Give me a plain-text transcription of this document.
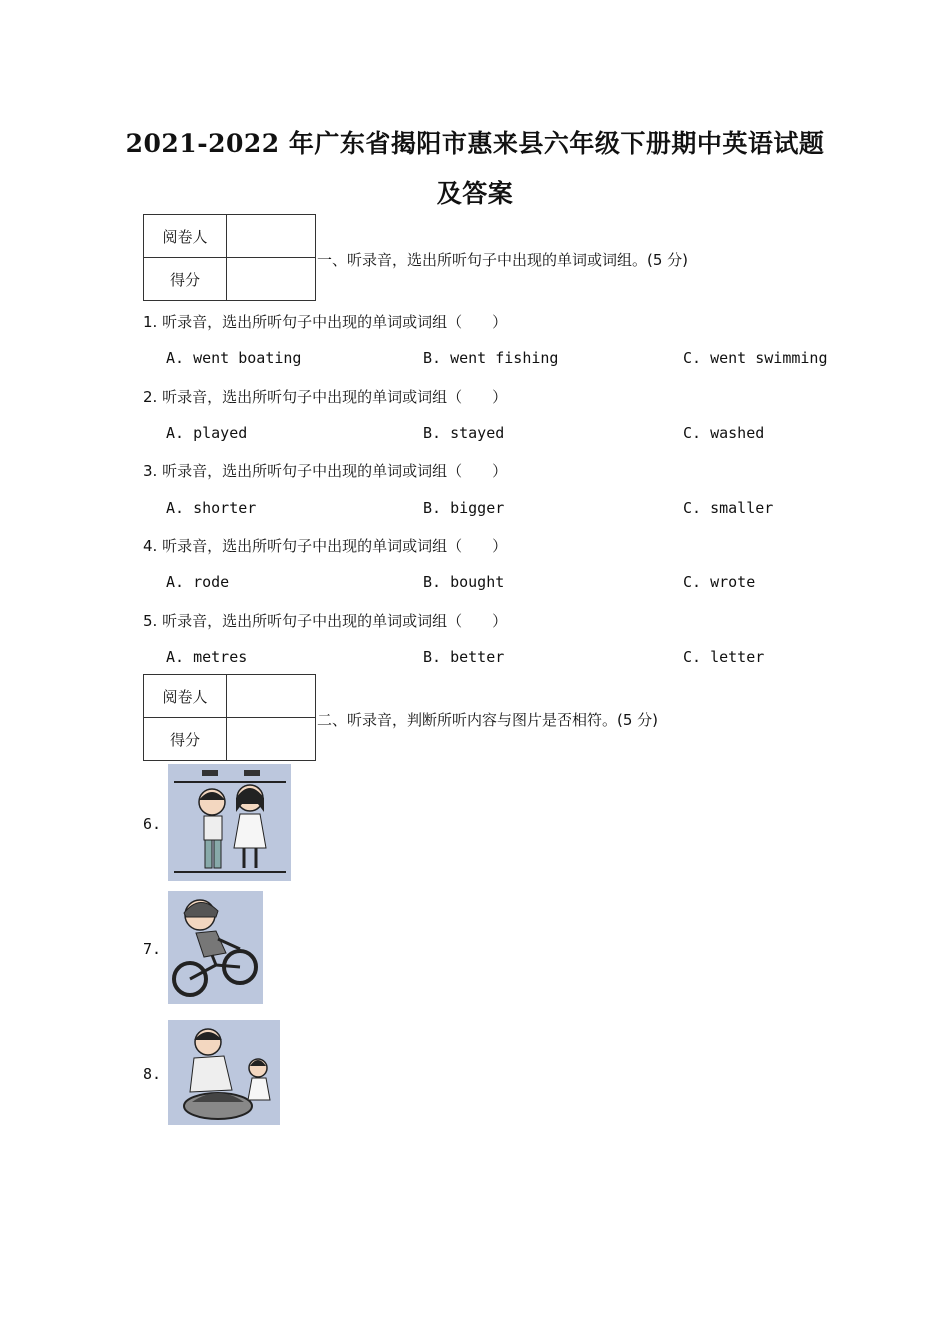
2021-2022 年广东省揭阳市惠来县六年级下册期中英语试题
及答案
阅卷人	
得分	
一、听录音，选出所听句子中出现的单词或词组。(5 分)
1. 听录音，选出所听句子中出现的单词或词组（　　）
A. went boating	B. went fishing	C. went swimming
2. 听录音，选出所听句子中出现的单词或词组（　　）
A. played	B. stayed	C. washed
3. 听录音，选出所听句子中出现的单词或词组（　　）
A. shorter	B. bigger	C. smaller
4. 听录音，选出所听句子中出现的单词或词组（　　）
A. rode	B. bought	C. wrote
5. 听录音，选出所听句子中出现的单词或词组（　　）
A. metres	B. better	C. letter
阅卷人	
得分	
二、听录音，判断所听内容与图片是否相符。(5 分)
6.
7.
8.
